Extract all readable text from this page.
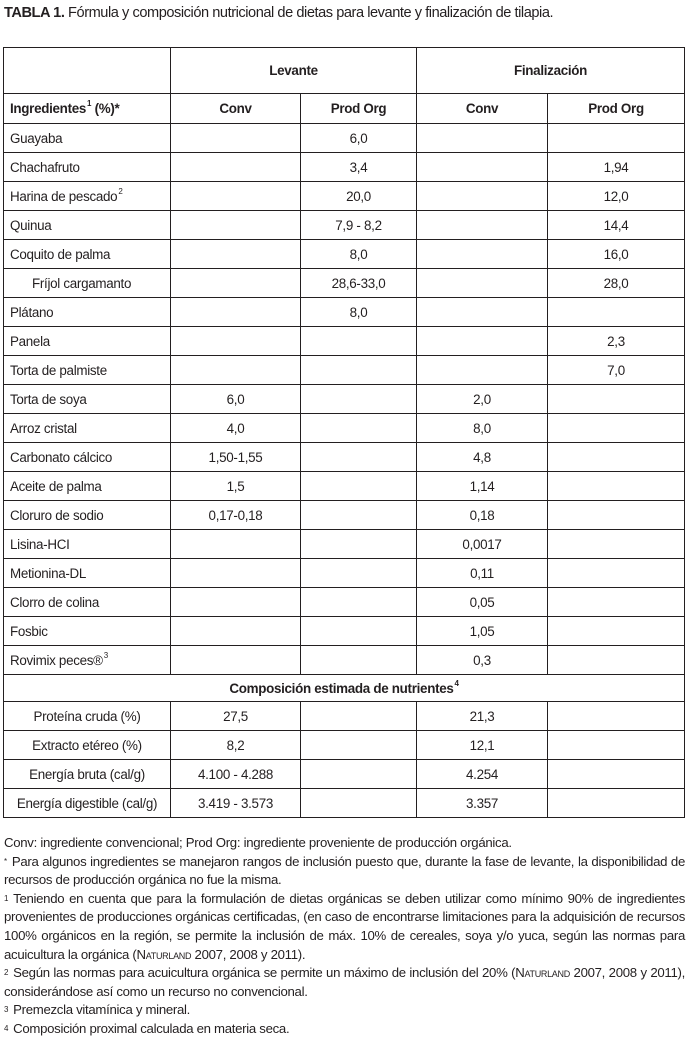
TABLA 1. Fórmula y composición nutricional de dietas para levante y finalización de tilapia.
	Levante		Finalización	
Ingredientes$^1$ (%)*	Conv	Prod Org	Conv	Prod Org
Guayaba		6,0		
Chachafruto		3,4		1,94
Harina de pescado$^2$		20,0		12,0
Quinua		7,9 - 8,2		14,4
Coquito de palma		8,0		16,0
Fríjol cargamanto		28,6-33,0		28,0
Plátano		8,0		
Panela				2,3
Torta de palmiste				7,0
Torta de soya	6,0		2,0	
Arroz cristal	4,0		8,0	
Carbonato cálcico	1,50-1,55		4,8	
Aceite de palma	1,5		1,14	
Cloruro de sodio	0,17-0,18		0,18	
Lisina-HCI			0,0017	
Metionina-DL			0,11	
Clorro de colina			0,05	
Fosbic			1,05	
Rovimix peces®$^3$			0,3	
Composición estimada de nutrientes$^4$
Proteína cruda (%)	27,5		21,3	
Extracto etéreo (%)	8,2		12,1	
Energía bruta (cal/g)	4.100 - 4.288		4.254	
Energía digestible (cal/g)	3.419 - 3.573		3.357	

Conv: ingrediente convencional; Prod Org: ingrediente proveniente de producción orgánica.

* Para algunos ingredientes se manejaron rangos de inclusión puesto que, durante la fase de levante, la disponibilidad de recursos de producción orgánica no fue la misma.

$^1$ Teniendo en cuenta que para la formulación de dietas orgánicas se deben utilizar como mínimo 90% de ingredientes provenientes de producciones orgánicas certificadas, (en caso de encontrarse limitaciones para la adquisición de recursos 100% orgánicos en la región, se permite la inclusión de máx. 10% de cereales, soya y/o yuca, según las normas para acuicultura la orgánica (Naturland 2007, 2008 y 2011).

$^2$ Según las normas para acuicultura orgánica se permite un máximo de inclusión del 20% (Naturland 2007, 2008 y 2011), considerándose así como un recurso no convencional.

$^3$ Premezcla vitamínica y mineral.

$^4$ Composición proximal calculada en materia seca.
